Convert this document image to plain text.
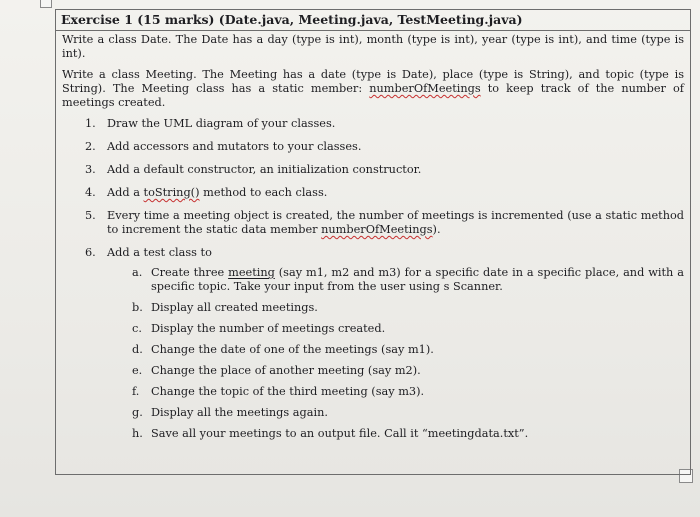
Exercise 1 (15 marks) (Date.java, Meeting.java, TestMeeting.java)

Write a class Date. The Date has a day (type is int), month (type is int), year (type is int), and time (type is int).

Write a class Meeting. The Meeting has a date (type is Date), place (type is String), and topic (type is String). The Meeting class has a static member: numberOfMeetings to keep track of the number of meetings created.

1. Draw the UML diagram of your classes.
2. Add accessors and mutators to your classes.
3. Add a default constructor, an initialization constructor.
4. Add a toString() method to each class.
5. Every time a meeting object is created, the number of meetings is incremented (use a static method to increment the static data member numberOfMeetings).
6. Add a test class to
a. Create three meeting (say m1, m2 and m3) for a specific date in a specific place, and with a specific topic. Take your input from the user using s Scanner.
b. Display all created meetings.
c. Display the number of meetings created.
d. Change the date of one of the meetings (say m1).
e. Change the place of another meeting (say m2).
f. Change the topic of the third meeting (say m3).
g. Display all the meetings again.
h. Save all your meetings to an output file. Call it “meetingdata.txt”.
